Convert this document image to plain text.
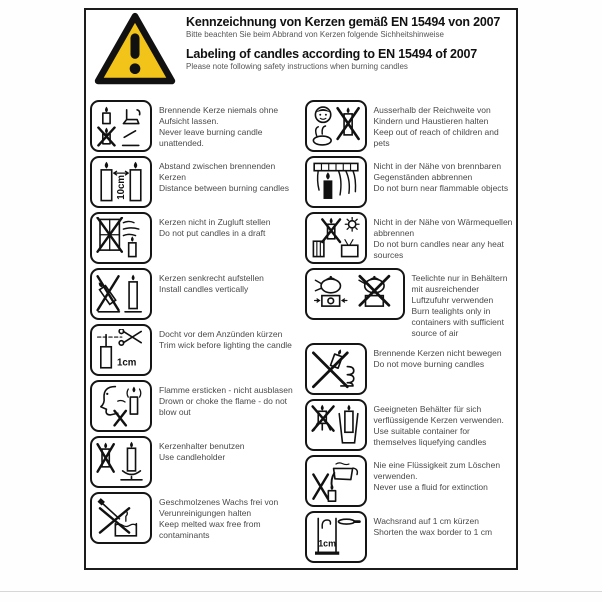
Kennzeichnung von Kerzen gemäß EN 15494 von 2007
Bitte beachten Sie beim Abbrand von Kerzen folgende Sichheitshinweise
Labeling of candles according to EN 15494 of 2007
Please note following safety instructions when burning candles
Brennende Kerze niemals ohne Aufsicht lassen.
Never leave burning candle unattended.
10cm
Abstand zwischen brennenden Kerzen
Distance between burning candles
Kerzen nicht in Zugluft stellen
Do not put candles in a draft
Kerzen senkrecht aufstellen
Install candles vertically
1cm
Docht vor dem Anzünden kürzen
Trim wick before lighting the candle
Flamme ersticken - nicht ausblasen
Drown or choke the flame - do not blow out
Kerzenhalter benutzen
Use candleholder
Geschmolzenes Wachs frei von Verunreinigungen halten
Keep melted wax free from contaminants
Ausserhalb der Reichweite von Kindern und Haustieren halten
Keep out of reach of children and pets
Nicht in der Nähe von brennbaren Gegenständen abbrennen
Do not burn near flammable objects
Nicht in der Nähe von Wärmequellen abbrennen
Do not burn candles near any heat sources
Teelichte nur in Behältern mit ausreichender Luftzufuhr verwenden
Burn tealights only in containers with sufficient source of air
Brennende Kerzen nicht bewegen
Do not move burning candles
Geeigneten Behälter für sich verflüssigende Kerzen verwenden.
Use suitable container for themselves liquefying candles
Nie eine Flüssigkeit zum Löschen verwenden.
Never use a fluid for extinction
1cm
Wachsrand auf 1 cm kürzen
Shorten the wax border to 1 cm
